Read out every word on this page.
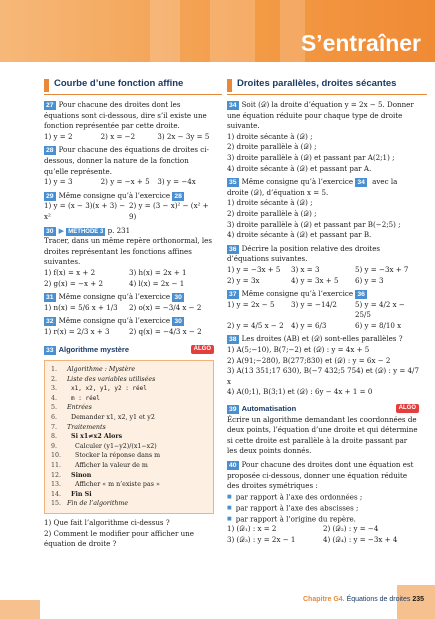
S’entraîner
Courbe d’une fonction affine
27 Pour chacune des droites dont les équations sont ci-dessous, dire s’il existe une fonction représentée par cette droite.
1) y = 2	2) x = −2	3) 2x − 3y = 5
28 Pour chacune des équations de droites ci-dessous, donner la nature de la fonction qu’elle représente.
1) y = 3	2) y = −x + 5	3) y = −4x
29 Même consigne qu’à l’exercice 28
1) y = (x − 3)(x + 3) − x²
2) y = (3 − x)² − (x² + 9)
30 ▶ MÉTHODE 3 p. 231
Tracer, dans un même repère orthonormal, les droites représentant les fonctions affines suivantes.
1) f(x) = x + 2	3) h(x) = 2x + 1
2) g(x) = −x + 2	4) l(x) = 2x − 1
31 Même consigne qu’à l’exercice 30
1) n(x) = 5/6 x + 1/3	2) o(x) = −3/4 x − 2
32 Même consigne qu’à l’exercice 30
1) r(x) = 2/3 x + 3	2) q(x) = −4/3 x − 2
33 Algorithme mystère	ALGO
1. Algorithme : Mystère
2. Liste des variables utilisées
3. x1, x2, y1, y2 : réel
4. m : réel
5. Entrées
6. Demander x1, x2, y1 et y2
7. Traitements
8. Si x1≠x2 Alors
9.	Calculer (y1−y2)/(x1−x2)
10. Stocker la réponse dans m
11. Afficher la valeur de m
12. Sinon
13. Afficher « m n’existe pas »
14. Fin Si
15. Fin de l’algorithme
1) Que fait l’algorithme ci-dessus ?
2) Comment le modifier pour afficher une équation de droite ?
Droites parallèles, droites sécantes
34 Soit (𝒟) la droite d’équation y = 2x − 5. Donner une équation réduite pour chaque type de droite suivante.
1) droite sécante à (𝒟) ;
2) droite parallèle à (𝒟) ;
3) droite parallèle à (𝒟) et passant par A(2;1) ;
4) droite sécante à (𝒟) et passant par A.
35 Même consigne qu’à l’exercice 34 avec la droite (𝒟), d’équation x = 5.
1) droite sécante à (𝒟) ;
2) droite parallèle à (𝒟) ;
3) droite parallèle à (𝒟) et passant par B(−2;5) ;
4) droite sécante à (𝒟) et passant par B.
36 Décrire la position relative des droites d’équations suivantes.
1) y = −3x + 5	3) x = 3	5) y = −3x + 7
2) y = 3x	4) y = 3x + 5	6) y = 3
37 Même consigne qu’à l’exercice 36
1) y = 2x − 5	3) y = −14/2	5) y = 4/2 x − 25/5
2) y = 4/5 x − 2	4) y = 6/3	6) y = 8/10 x
38 Les droites (AB) et (𝒟) sont-elles parallèles ?
1) A(5;−10), B(7;−2) et (𝒟) : y = 4x + 5
2) A(91;−280), B(277;830) et (𝒟) : y = 6x − 2
3) A(13 351;17 630), B(−7 432;5 754) et (𝒟) : y = 4/7 x
4) A(0;1), B(3;1) et (𝒟) : 6y − 4x + 1 = 0
39 Automatisation	ALGO
Écrire un algorithme demandant les coordonnées de deux points, l’équation d’une droite et qui détermine si cette droite est parallèle à la droite passant par les deux points donnés.
40 Pour chacune des droites dont une équation est proposée ci-dessous, donner une équation réduite des droites symétriques :
■ par rapport à l’axe des ordonnées ;
■ par rapport à l’axe des abscisses ;
■ par rapport à l’origine du repère.
1) (𝒟₁) : x = 2	2) (𝒟₂) : y = −4
3) (𝒟₃) : y = 2x − 1	4) (𝒟₄) : y = −3x + 4
Chapitre G4. Équations de droites 235
